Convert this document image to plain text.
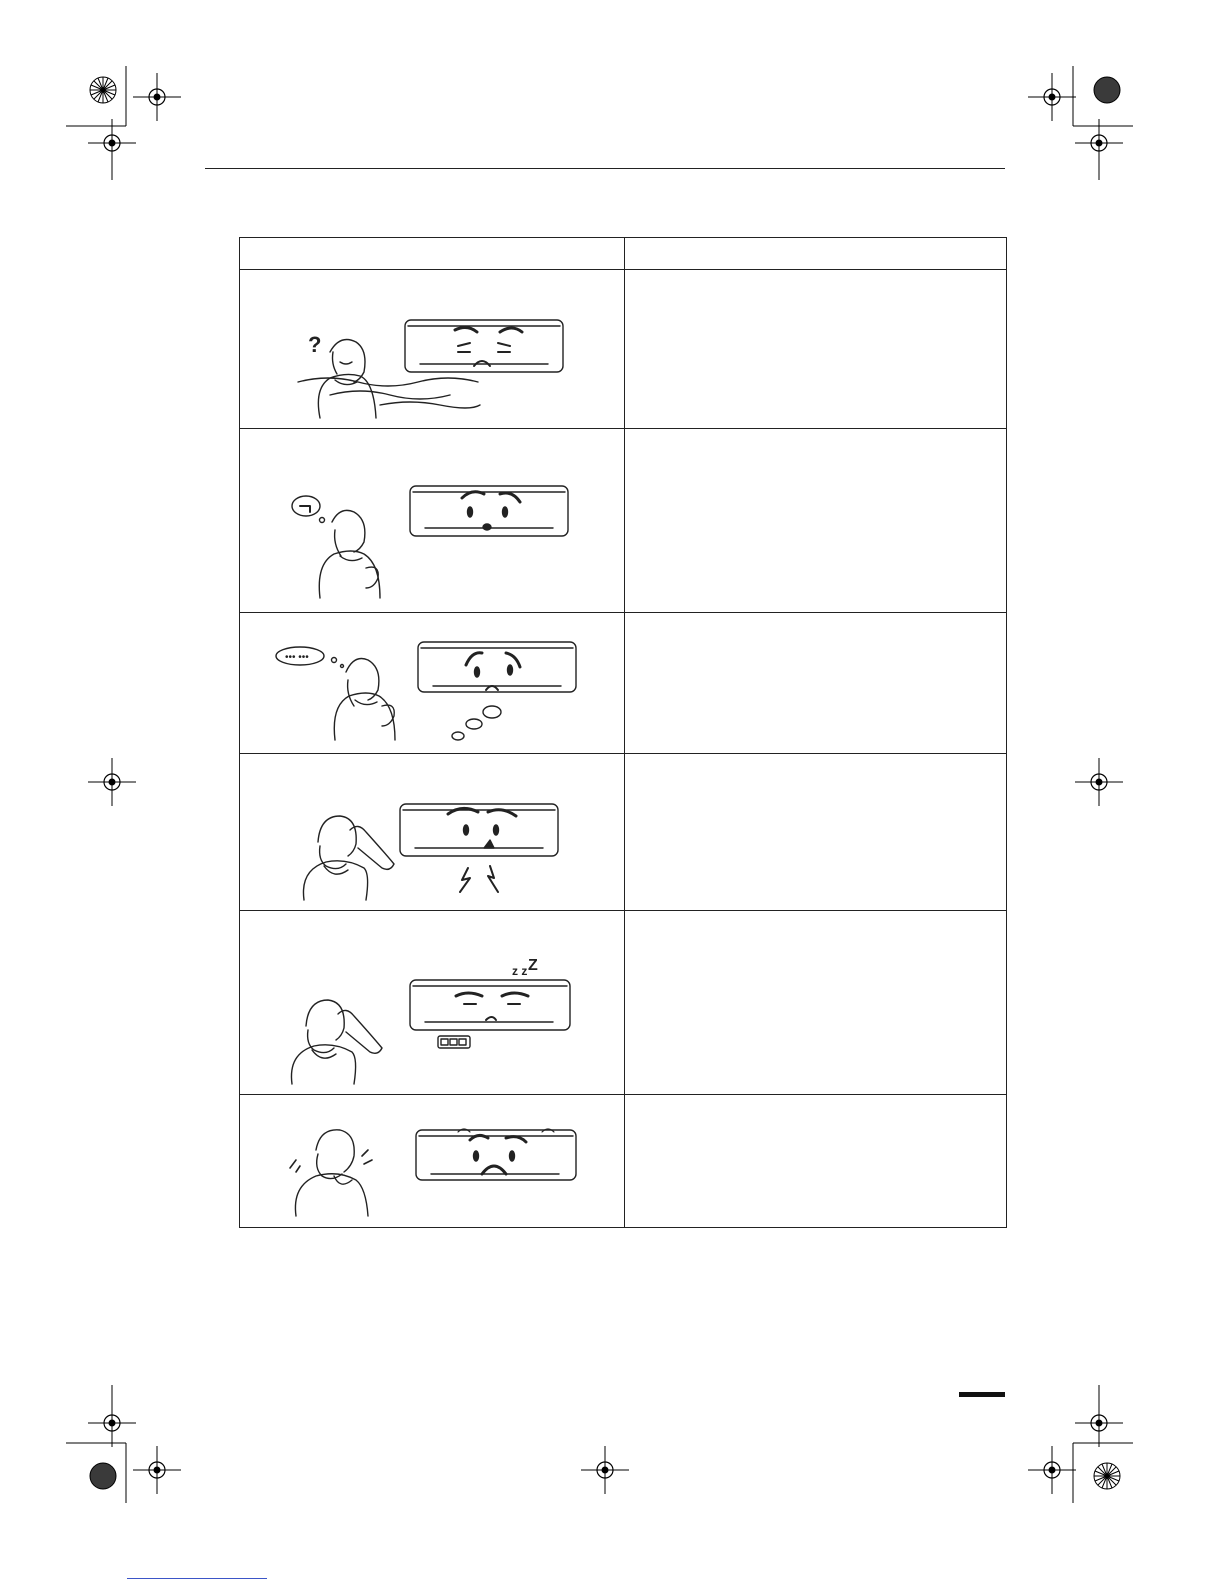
?
••• •••
z z Z
